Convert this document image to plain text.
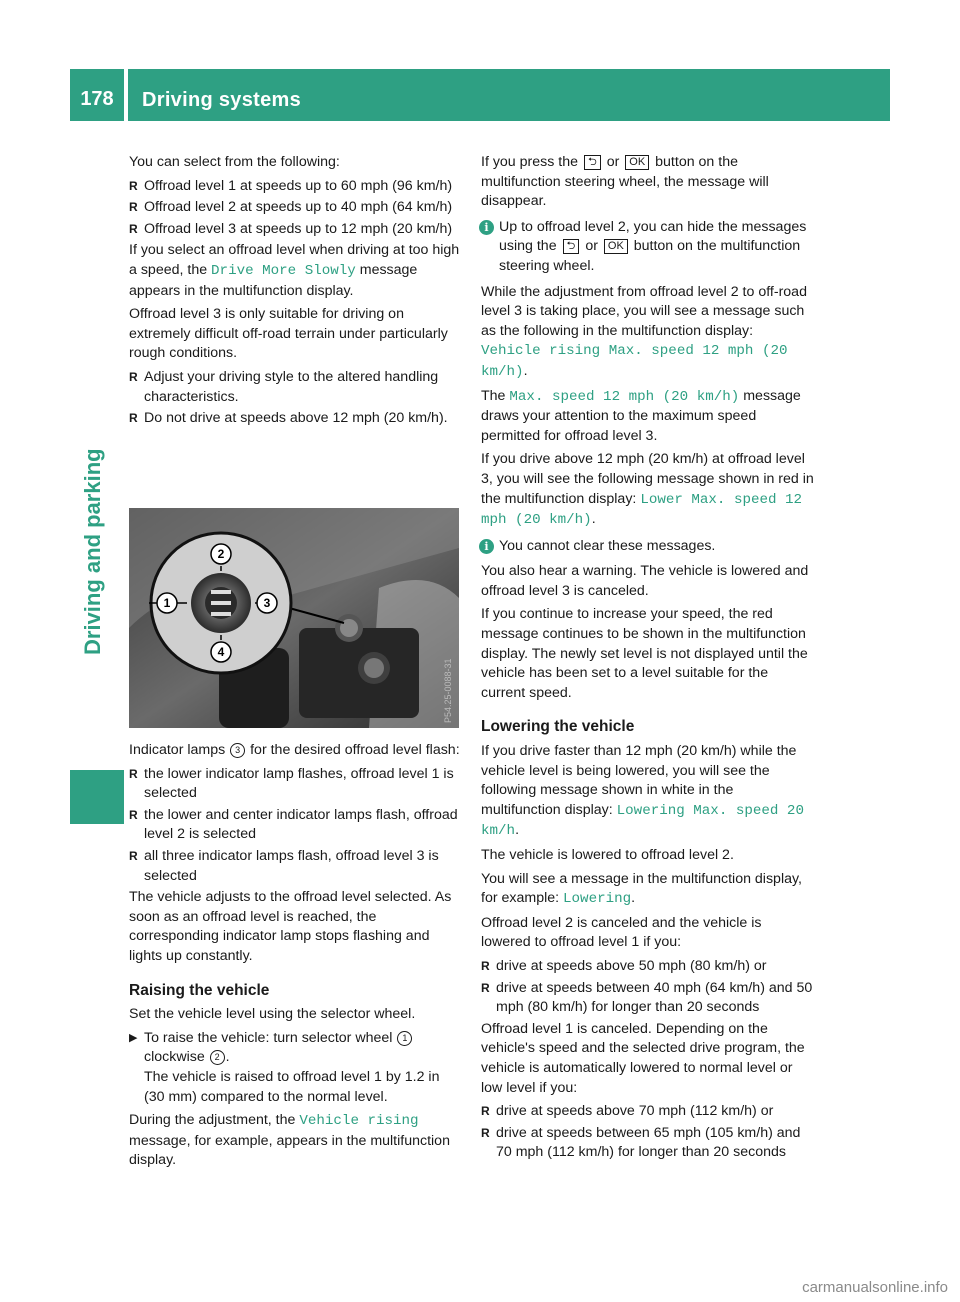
178	Driving systems
Driving and parking

You can select from the following:

R Offroad level 1 at speeds up to 60 mph (96 km/h)
R Offroad level 2 at speeds up to 40 mph (64 km/h)
R Offroad level 3 at speeds up to 12 mph (20 km/h)

If you select an offroad level when driving at too high a speed, the Drive More Slowly message appears in the multifunction display.

Offroad level 3 is only suitable for driving on extremely difficult off-road terrain under particularly rough conditions.

R Adjust your driving style to the altered handling characteristics.
R Do not drive at speeds above 12 mph (20 km/h).
2
1	3
4
P54.25-0088-31

Indicator lamps 3 for the desired offroad level flash:

R the lower indicator lamp flashes, offroad level 1 is selected
R the lower and center indicator lamps flash, offroad level 2 is selected
R all three indicator lamps flash, offroad level 3 is selected

The vehicle adjusts to the offroad level selected. As soon as an offroad level is reached, the corresponding indicator lamp stops flashing and lights up constantly.

Raising the vehicle

Set the vehicle level using the selector wheel.

▶ To raise the vehicle: turn selector wheel 1 clockwise 2 .
The vehicle is raised to offroad level 1 by 1.2 in (30 mm) compared to the normal level.

During the adjustment, the Vehicle rising message, for example, appears in the multifunction display.

If you press the ⮌ or OK button on the multifunction steering wheel, the message will disappear.

i Up to offroad level 2, you can hide the messages using the ⮌ or OK button on the multifunction steering wheel.

While the adjustment from offroad level 2 to off-road level 3 is taking place, you will see a message such as the following in the multifunction display: Vehicle rising Max. speed 12 mph (20 km/h).

The Max. speed 12 mph (20 km/h) message draws your attention to the maximum speed permitted for offroad level 3.

If you drive above 12 mph (20 km/h) at offroad level 3, you will see the following message shown in red in the multifunction display: Lower Max. speed 12 mph (20 km/h).

i You cannot clear these messages.

You also hear a warning. The vehicle is lowered and offroad level 3 is canceled.

If you continue to increase your speed, the red message continues to be shown in the multifunction display. The newly set level is not displayed until the vehicle has been set to a level suitable for the current speed.

Lowering the vehicle

If you drive faster than 12 mph (20 km/h) while the vehicle level is being lowered, you will see the following message shown in white in the multifunction display: Lowering Max. speed 20 km/h.

The vehicle is lowered to offroad level 2.

You will see a message in the multifunction display, for example: Lowering.

Offroad level 2 is canceled and the vehicle is lowered to offroad level 1 if you:

R drive at speeds above 50 mph (80 km/h) or
R drive at speeds between 40 mph (64 km/h) and 50 mph (80 km/h) for longer than 20 seconds

Offroad level 1 is canceled. Depending on the vehicle's speed and the selected drive program, the vehicle is automatically lowered to normal level or low level if you:

R drive at speeds above 70 mph (112 km/h) or
R drive at speeds between 65 mph (105 km/h) and 70 mph (112 km/h) for longer than 20 seconds
carmanualsonline.info
